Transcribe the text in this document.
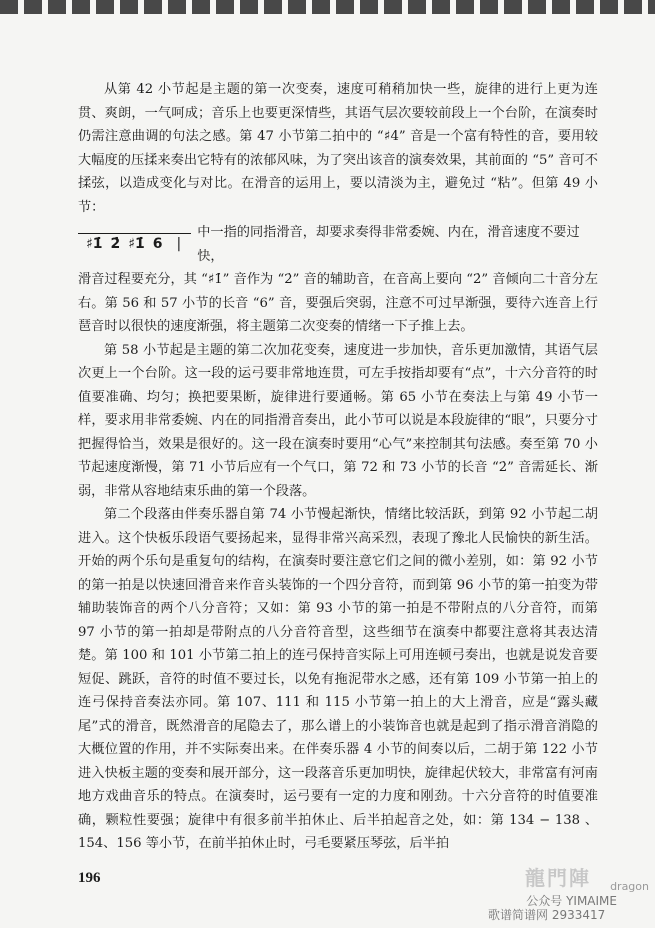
从第 42 小节起是主题的第一次变奏，速度可稍稍加快一些，旋律的进行上更为连贯、爽朗，一气呵成；音乐上也要更深情些，其语气层次要较前段上一个台阶，在演奏时仍需注意曲调的句法之感。第 47 小节第二拍中的 “♯4” 音是一个富有特性的音，要用较大幅度的压揉来奏出它特有的浓郁风味，为了突出该音的演奏效果，其前面的 “5” 音可不揉弦，以造成变化与对比。在滑音的运用上，要以清淡为主，避免过 “粘”。但第 49 小节：

♯1̇ 2̇ ♯1̇ 6 |
中一指的同指滑音，却要求奏得非常委婉、内在，滑音速度不要过快，

滑音过程要充分，其 “♯1̇” 音作为 “2̇” 音的辅助音，在音高上要向 “2̇” 音倾向二十音分左右。第 56 和 57 小节的长音 “6” 音，要强后突弱，注意不可过早渐强，要待六连音上行琶音时以很快的速度渐强，将主题第二次变奏的情绪一下子推上去。

第 58 小节起是主题的第二次加花变奏，速度进一步加快，音乐更加激情，其语气层次更上一个台阶。这一段的运弓要非常地连贯，可左手按指却要有“点”，十六分音符的时值要准确、均匀；换把要果断，旋律进行要通畅。第 65 小节在奏法上与第 49 小节一样，要求用非常委婉、内在的同指滑音奏出，此小节可以说是本段旋律的“眼”，只要分寸把握得恰当，效果是很好的。这一段在演奏时要用“心气”来控制其句法感。奏至第 70 小节起速度渐慢，第 71 小节后应有一个气口，第 72 和 73 小节的长音 “2̇” 音需延长、渐弱，非常从容地结束乐曲的第一个段落。

第二个段落由伴奏乐器自第 74 小节慢起渐快，情绪比较活跃，到第 92 小节起二胡进入。这个快板乐段语气要扬起来，显得非常兴高采烈，表现了豫北人民愉快的新生活。开始的两个乐句是重复句的结构，在演奏时要注意它们之间的微小差别，如：第 92 小节的第一拍是以快速回滑音来作音头装饰的一个四分音符，而到第 96 小节的第一拍变为带辅助装饰音的两个八分音符；又如：第 93 小节的第一拍是不带附点的八分音符，而第 97 小节的第一拍却是带附点的八分音符音型，这些细节在演奏中都要注意将其表达清楚。第 100 和 101 小节第二拍上的连弓保持音实际上可用连顿弓奏出，也就是说发音要短促、跳跃，音符的时值不要过长，以免有拖泥带水之感，还有第 109 小节第一拍上的连弓保持音奏法亦同。第 107、111 和 115 小节第一拍上的大上滑音，应是“露头藏尾”式的滑音，既然滑音的尾隐去了，那么谱上的小装饰音也就是起到了指示滑音消隐的大概位置的作用，并不实际奏出来。在伴奏乐器 4 小节的间奏以后，二胡于第 122 小节进入快板主题的变奏和展开部分，这一段落音乐更加明快，旋律起伏较大，非常富有河南地方戏曲音乐的特点。在演奏时，运弓要有一定的力度和刚劲。十六分音符的时值要准确，颗粒性要强；旋律中有很多前半拍休止、后半拍起音之处，如：第 134 − 138 、154、156 等小节，在前半拍休止时，弓毛要紧压琴弦，后半拍

196	龍門陣 dragon
公众号 YIMAIME
歌谱简谱网 2933417
